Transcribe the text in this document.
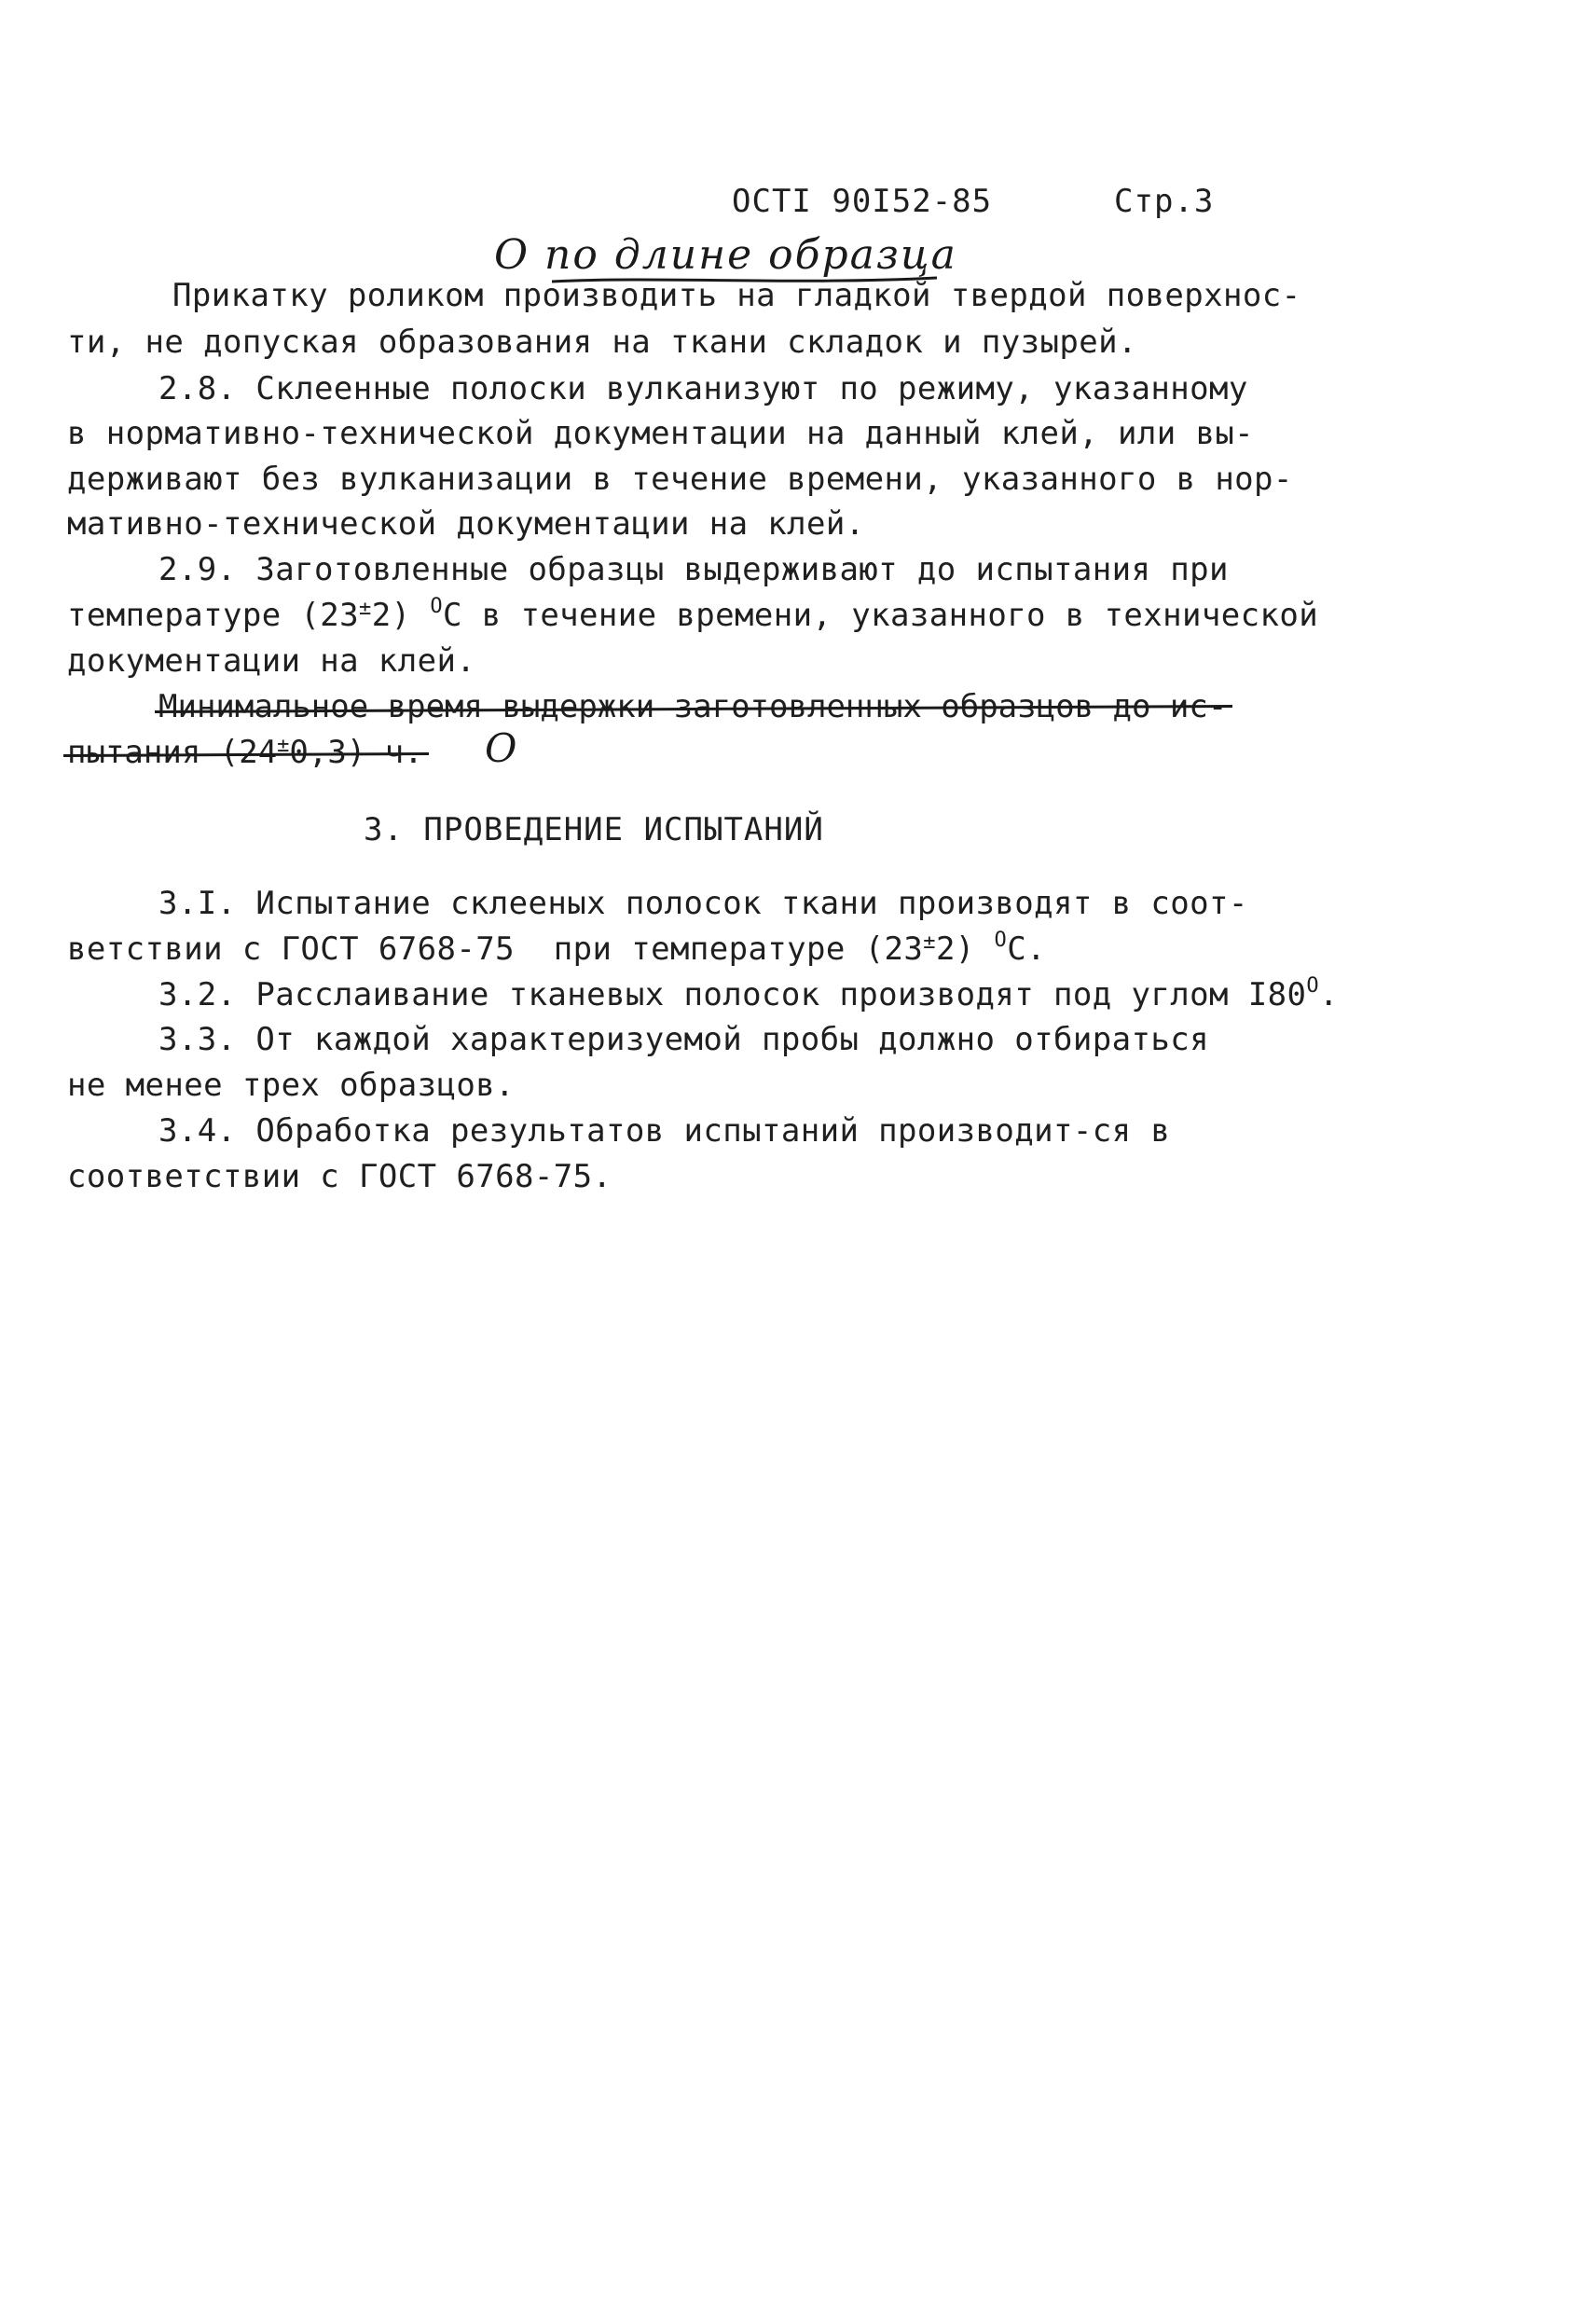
ОСТI 90I52-85	Стр.3
О по длине образца
Прикатку роликом производить на гладкой твердой поверхнос-
ти, не допуская образования на ткани складок и пузырей.
2.8. Склеенные полоски вулканизуют по режиму, указанному
в нормативно-технической документации на данный клей, или вы-
держивают без вулканизации в течение времени, указанного в нор-
мативно-технической документации на клей.
2.9. Заготовленные образцы выдерживают до испытания при
температуре (23±2) $^О$С в течение времени, указанного в технической
документации на клей.
Минимальное время выдержки заготовленных образцов до ис-
пытания (24±0,3) ч. О
3. ПРОВЕДЕНИЕ ИСПЫТАНИЙ
3.I. Испытание склееных полосок ткани производят в соот-
ветствии с ГОСТ 6768-75  при температуре (23±2) $^О$С.
3.2. Расслаивание тканевых полосок производят под углом $I80^О$.
3.3. От каждой характеризуемой пробы должно отбираться
не менее трех образцов.
3.4. Обработка результатов испытаний производит-ся в
соответствии с ГОСТ 6768-75.
